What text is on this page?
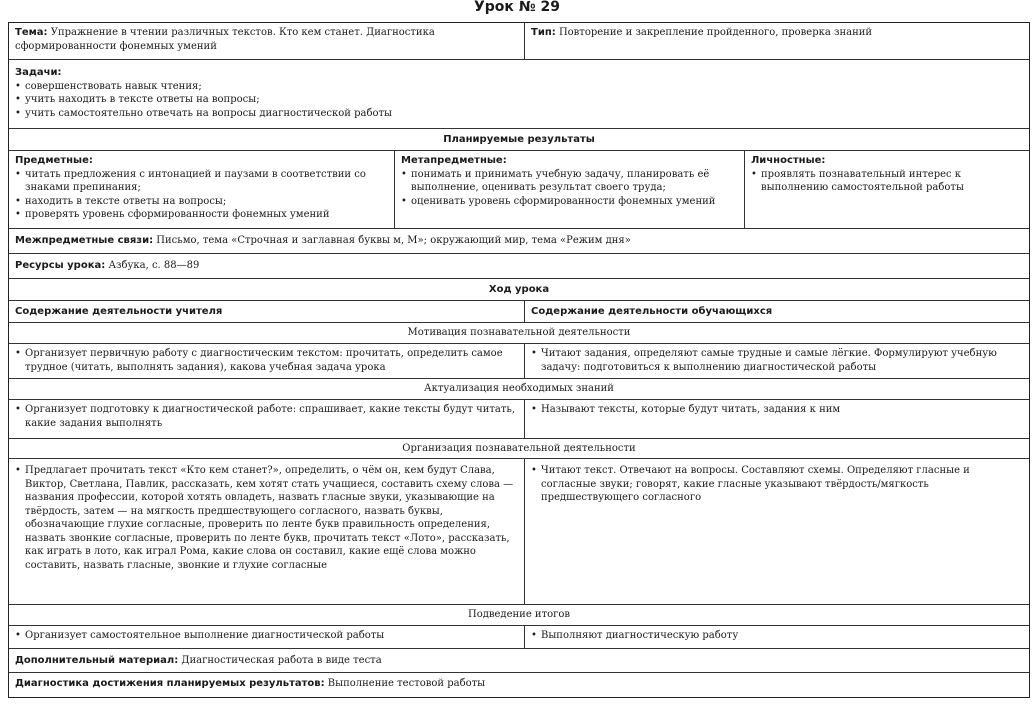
Урок № 29
Тема: Упражнение в чтении различных текстов. Кто кем станет. Диагностика сформированности фонемных умений
Тип: Повторение и закрепление пройденного, проверка знаний
Задачи:
• совершенствовать навык чтения;
• учить находить в тексте ответы на вопросы;
• учить самостоятельно отвечать на вопросы диагностической работы
Планируемые результаты
Предметные:
• читать предложения с интонацией и паузами в соответствии со знаками препинания;
• находить в тексте ответы на вопросы;
• проверять уровень сформированности фонемных умений
Метапредметные:
• понимать и принимать учебную задачу, планировать её выполнение, оценивать результат своего труда;
• оценивать уровень сформированности фонемных умений
Личностные:
• проявлять познавательный интерес к выполнению самостоятельной работы
Межпредметные связи: Письмо, тема «Строчная и заглавная буквы м, М»; окружающий мир, тема «Режим дня»
Ресурсы урока: Азбука, с. 88—89
Ход урока
Содержание деятельности учителя	Содержание деятельности обучающихся
Мотивация познавательной деятельности
• Организует первичную работу с диагностическим текстом: прочитать, определить самое трудное (читать, выполнять задания), какова учебная задача урока
• Читают задания, определяют самые трудные и самые лёгкие. Формулируют учебную задачу: подготовиться к выполнению диагностической работы
Актуализация необходимых знаний
• Организует подготовку к диагностической работе: спрашивает, какие тексты будут читать, какие задания выполнять
• Называют тексты, которые будут читать, задания к ним
Организация познавательной деятельности
• Предлагает прочитать текст «Кто кем станет?», определить, о чём он, кем будут Слава, Виктор, Светлана, Павлик, рассказать, кем хотят стать учащиеся, составить схему слова — названия профессии, которой хотять овладеть, назвать гласные звуки, указывающие на твёрдость, затем — на мягкость предшествующего согласного, назвать буквы, обозначающие глухие согласные, проверить по ленте букв правильность определения, назвать звонкие согласные, проверить по ленте букв, прочитать текст «Лото», рассказать, как играть в лото, как играл Рома, какие слова он составил, какие ещё слова можно составить, назвать гласные, звонкие и глухие согласные
• Читают текст. Отвечают на вопросы. Составляют схемы. Определяют гласные и согласные звуки; говорят, какие гласные указывают твёрдость/мягкость предшествующего согласного
Подведение итогов
• Организует самостоятельное выполнение диагностической работы
•	Выполняют диагностическую работу
Дополнительный материал: Диагностическая работа в виде теста
Диагностика достижения планируемых результатов: Выполнение тестовой работы
